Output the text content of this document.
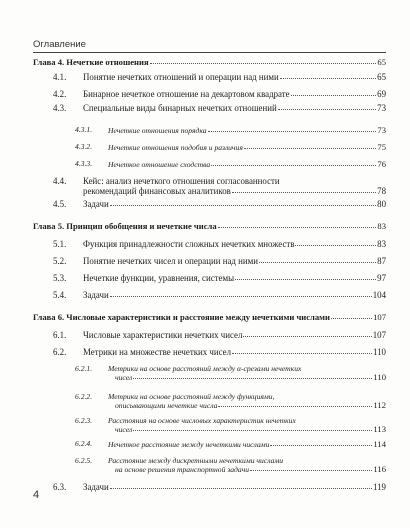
Оглавление
Глава 4. Нечеткие отношения	65
4.1. Понятие нечетких отношений и операции над ними	65
4.2. Бинарное нечеткое отношение на декартовом квадрате	69
4.3. Специальные виды бинарных нечетких отношений	73
4.3.1. Нечеткие отношения порядка	73
4.3.2. Нечеткие отношения подобия и различия	75
4.3.3. Нечеткое отношение сходства	76
4.4. Кейс: анализ нечеткого отношения согласованности
рекомендаций финансовых аналитиков	78
4.5. Задачи	80
Глава 5. Принцип обобщения и нечеткие числа	83
5.1. Функция принадлежности сложных нечетких множеств	83
5.2. Понятие нечетких чисел и операции над ними	87
5.3. Нечеткие функции, уравнения, системы	97
5.4. Задачи	104
Глава 6. Числовые характеристики и расстояние между нечеткими числами	107
6.1. Числовые характеристики нечетких чисел	107
6.2. Метрики на множестве нечетких чисел	110
6.2.1. Метрики на основе расстояний между α-срезами нечетких
чисел	110
6.2.2. Метрики на основе расстояний между функциями,
описывающими нечеткие числа	112
6.2.3. Расстояния на основе числовых характеристик нечетких
чисел	113
6.2.4. Нечеткое расстояние между нечеткими числами	114
6.2.5. Расстояние между дискретными нечеткими числами
на основе решения транспортной задачи	116
6.3. Задачи	119
4
